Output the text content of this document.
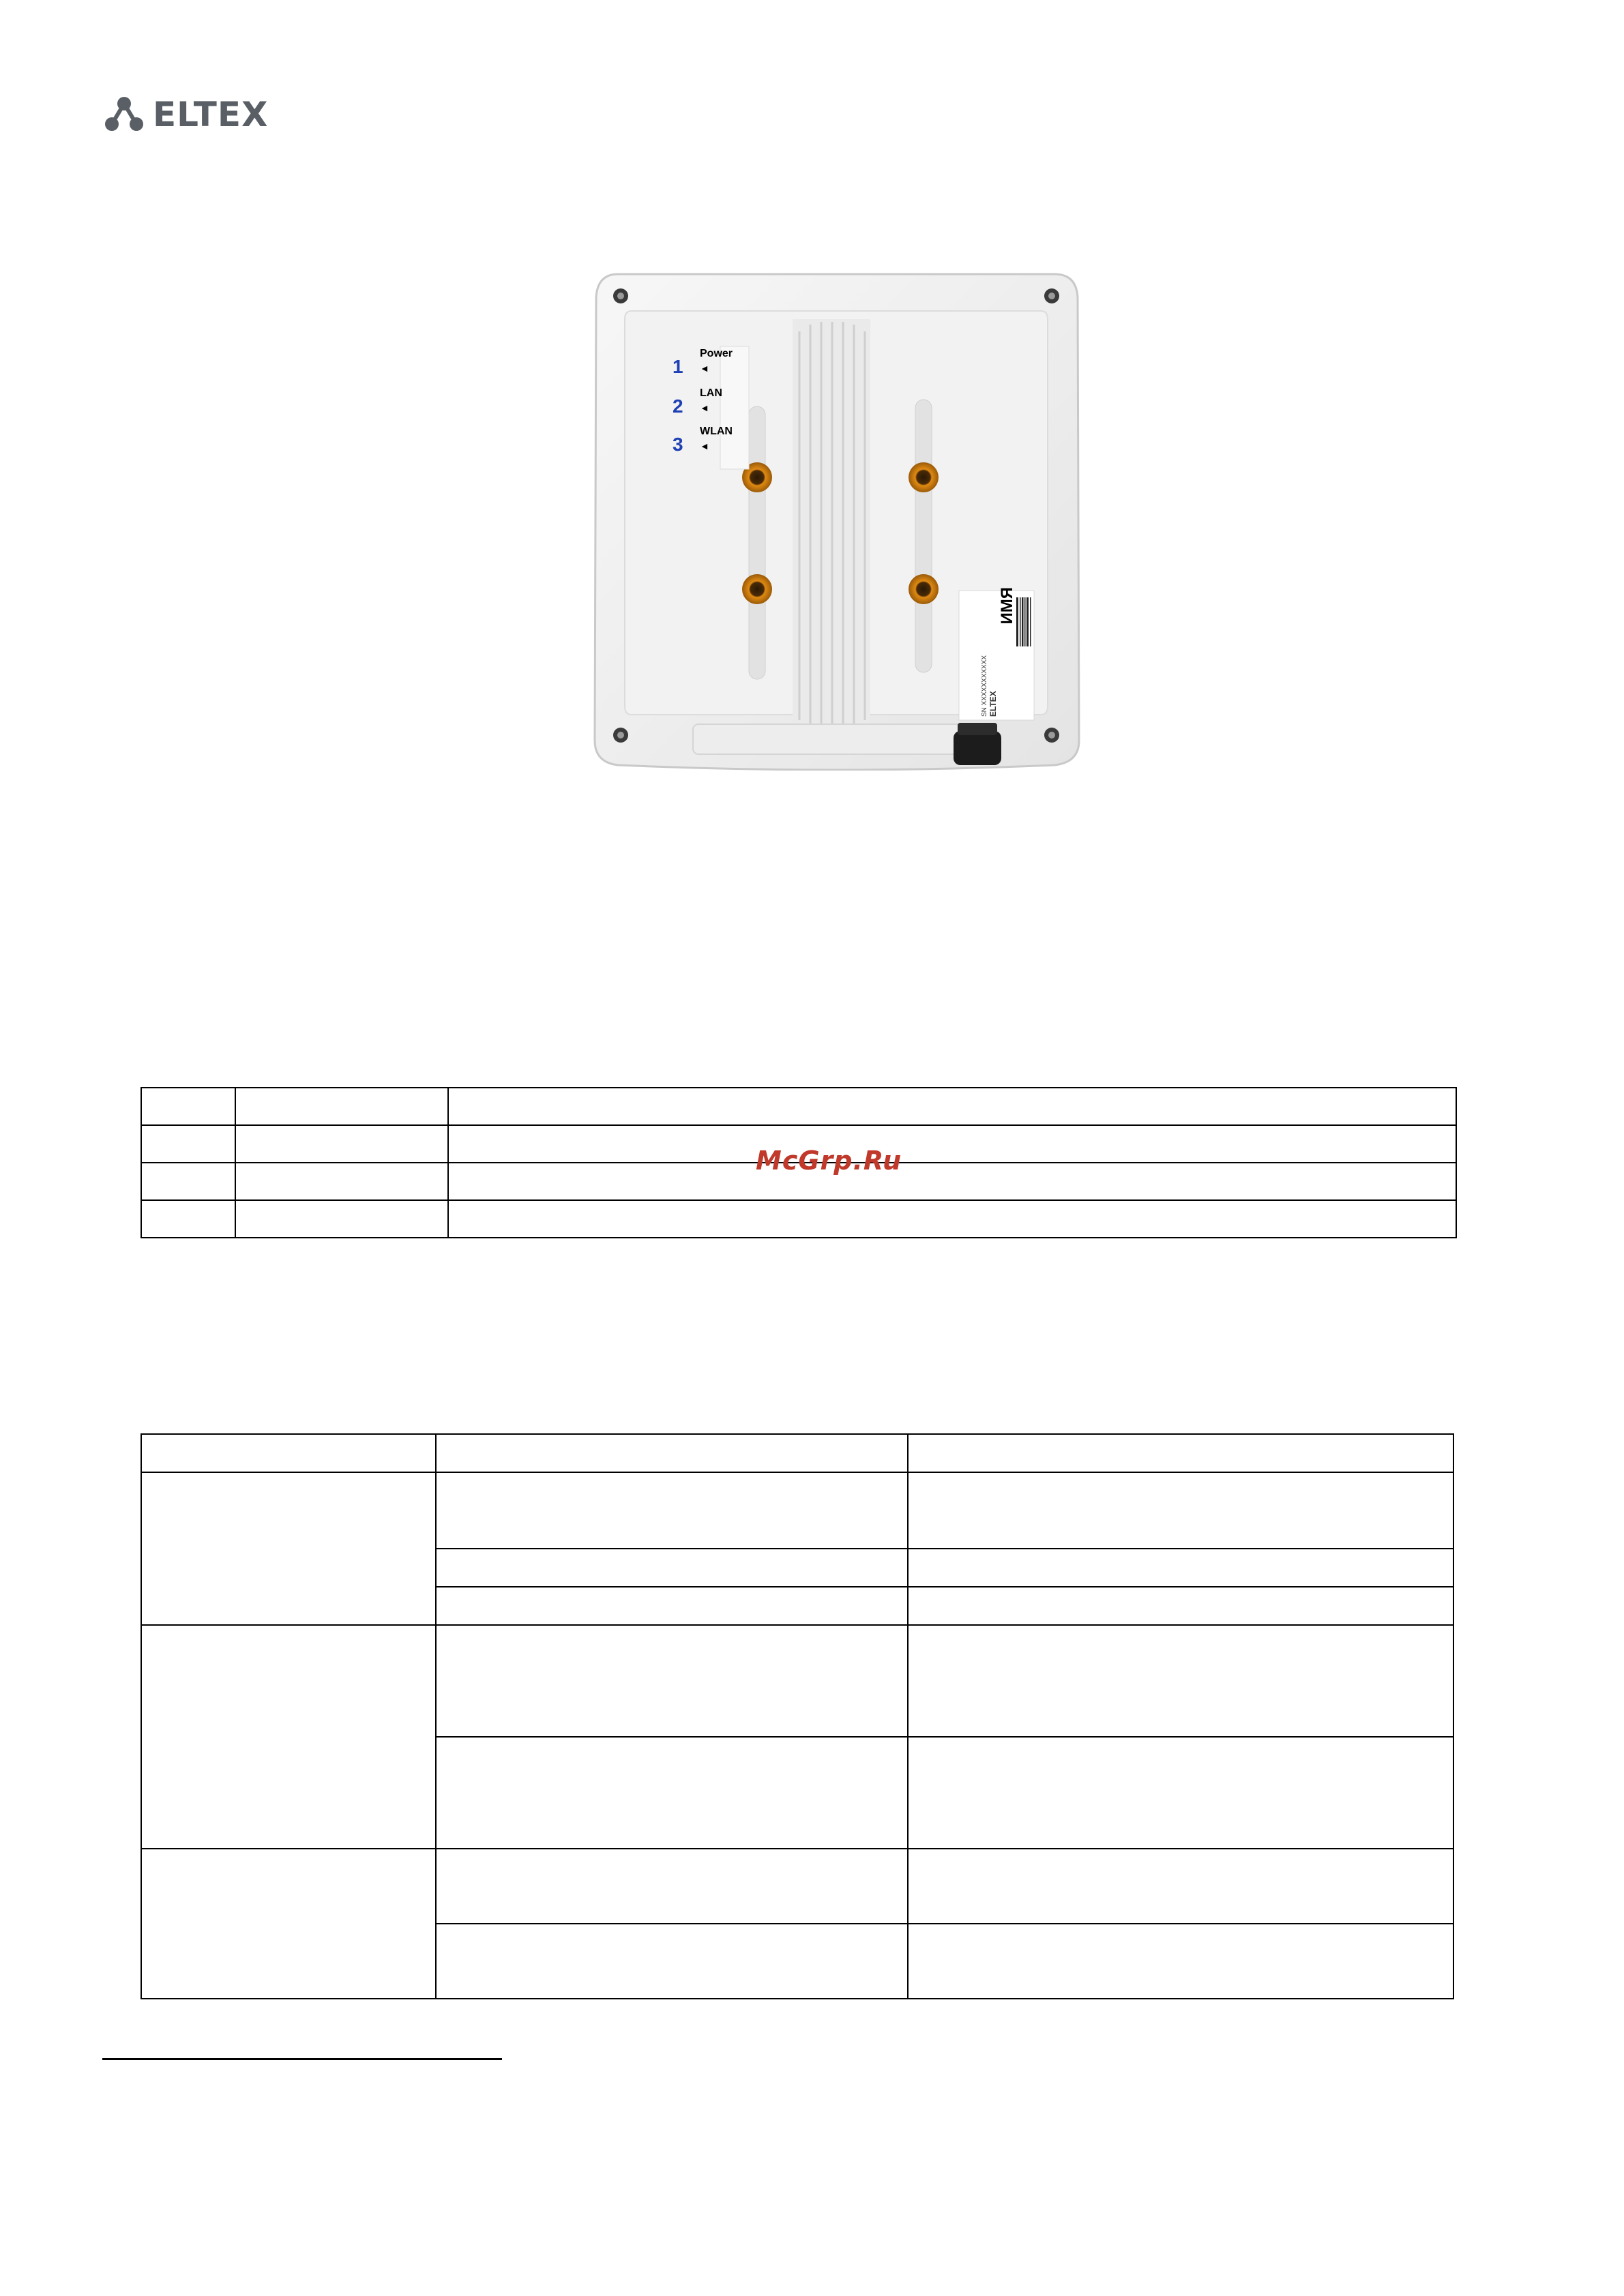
ELTEX
1
Power
◄
2
LAN
◄
3
WLAN
◄
ИМЯ
ELTEX
SN XXXXXXXXXXX

McGrp.Ru
